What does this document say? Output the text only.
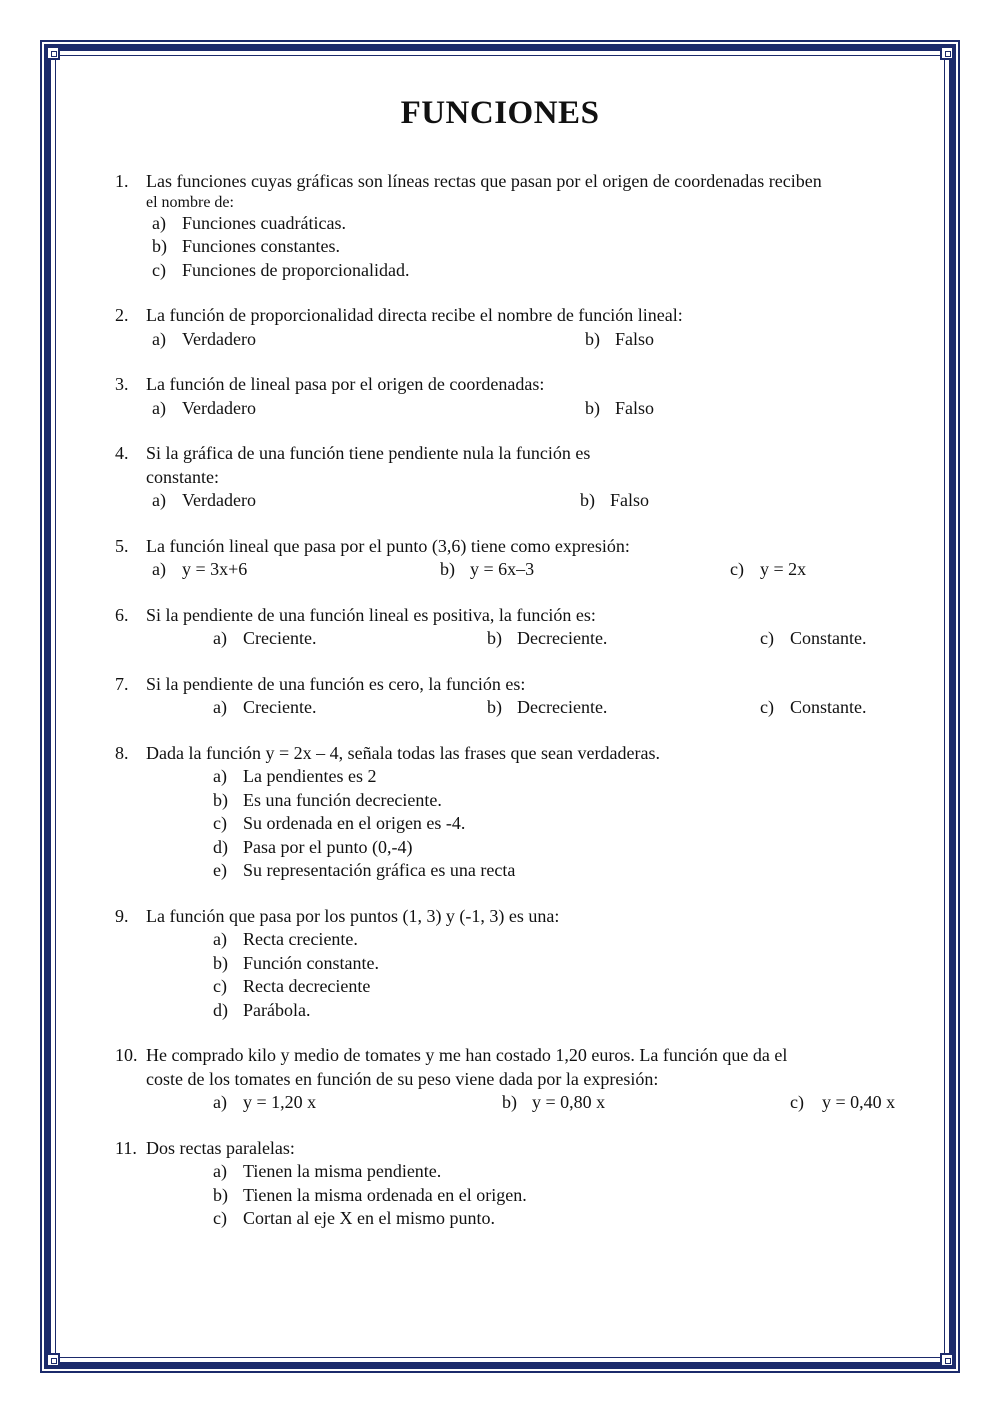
FUNCIONES
1. Las funciones cuyas gráficas son líneas rectas que pasan por el origen de coordenadas reciben
el nombre de:
a) Funciones cuadráticas.
b) Funciones constantes.
c) Funciones de proporcionalidad.
2. La función de proporcionalidad directa recibe el nombre de función lineal:
a) Verdadero	b) Falso
3. La función de lineal pasa por el origen de coordenadas:
a) Verdadero	b) Falso
4. Si la gráfica de una función tiene pendiente nula la función es
constante:
a) Verdadero	b) Falso
5. La función lineal que pasa por el punto (3,6) tiene como expresión:
a) y = 3x+6	b) y = 6x–3	c) y = 2x
6. Si la pendiente de una función lineal es positiva, la función es:
a) Creciente.	b) Decreciente.	c) Constante.
7. Si la pendiente de una función es cero, la función es:
a) Creciente.	b) Decreciente.	c) Constante.
8. Dada la función y = 2x – 4, señala todas las frases que sean verdaderas.
a) La pendientes es 2
b) Es una función decreciente.
c) Su ordenada en el origen es -4.
d) Pasa por el punto (0,-4)
e) Su representación gráfica es una recta
9. La función que pasa por los puntos (1, 3) y (-1, 3) es una:
a) Recta creciente.
b) Función constante.
c) Recta decreciente
d) Parábola.
10. He comprado kilo y medio de tomates y me han costado 1,20 euros. La función que da el
coste de los tomates en función de su peso viene dada por la expresión:
a) y = 1,20 x	b) y = 0,80 x	c) y = 0,40 x
11. Dos rectas paralelas:
a) Tienen la misma pendiente.
b) Tienen la misma ordenada en el origen.
c) Cortan al eje X en el mismo punto.
